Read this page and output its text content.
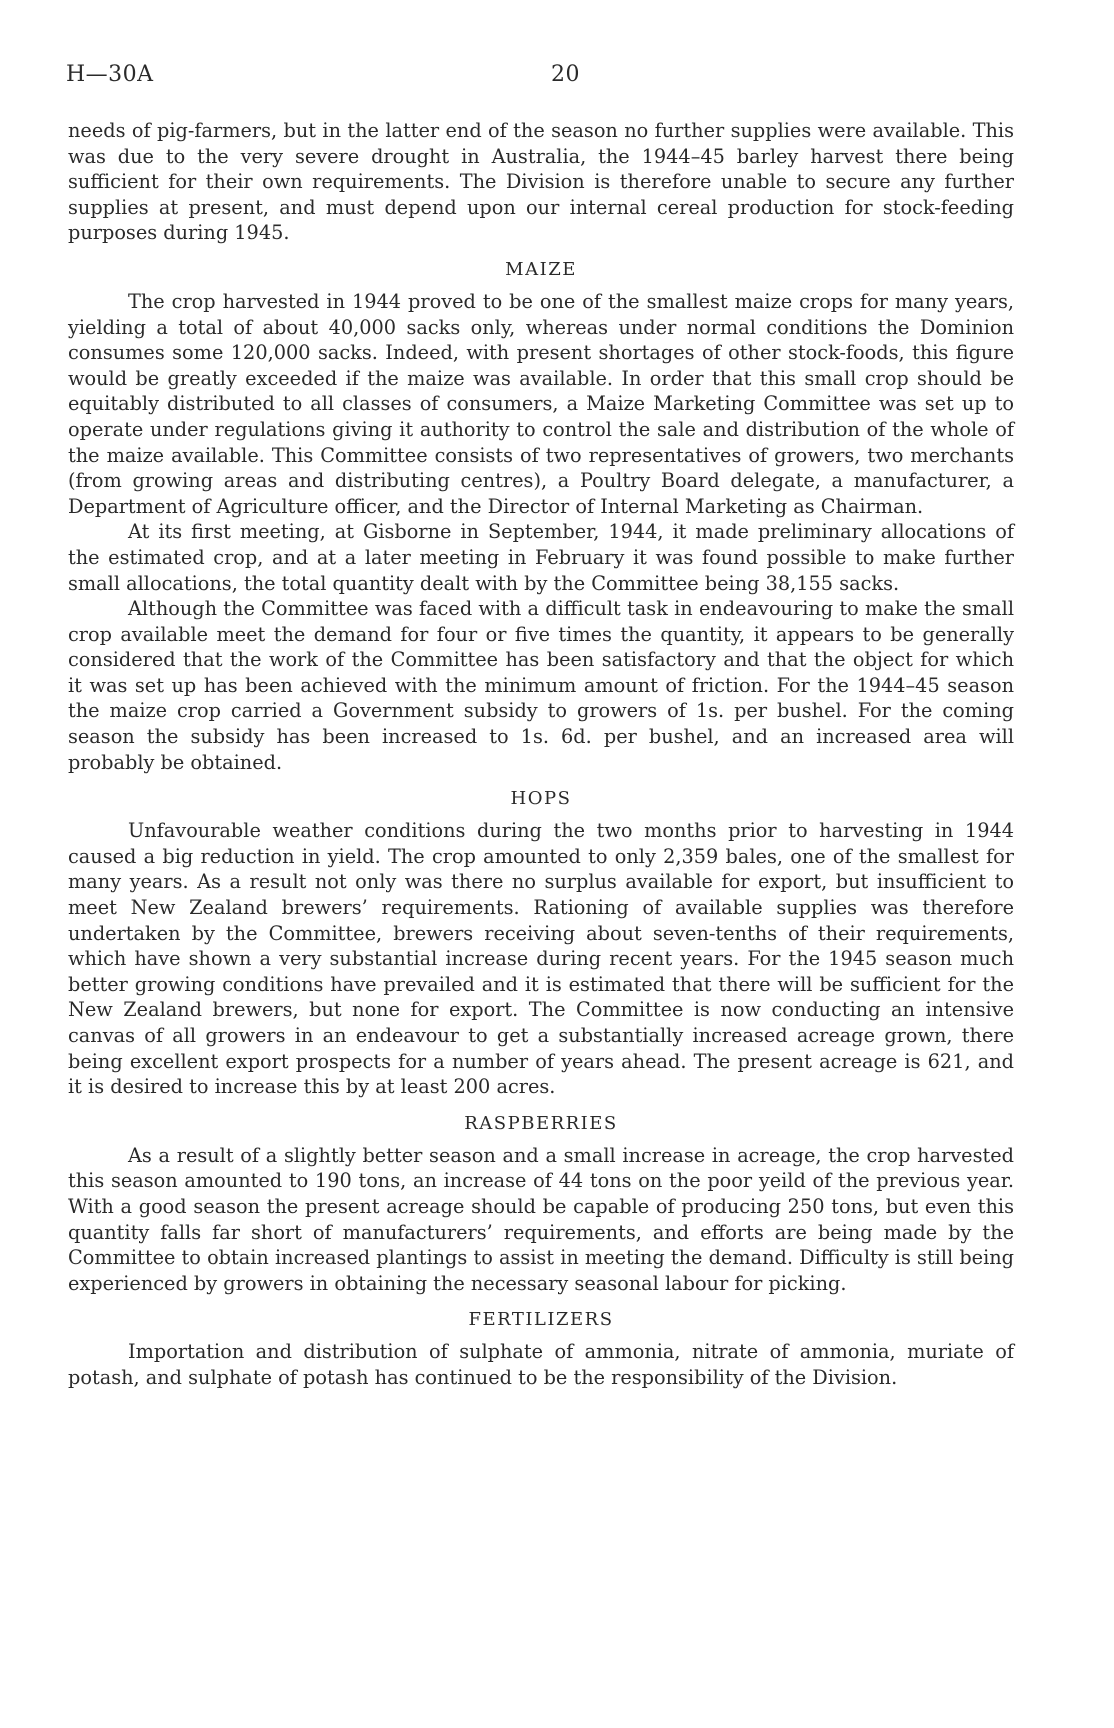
H—30A	20

needs of pig-farmers, but in the latter end of the season no further supplies were available. This was due to the very severe drought in Australia, the 1944–45 barley harvest there being sufficient for their own requirements. The Division is therefore unable to secure any further supplies at present, and must depend upon our internal cereal production for stock-feeding purposes during 1945.

MAIZE

The crop harvested in 1944 proved to be one of the smallest maize crops for many years, yielding a total of about 40,000 sacks only, whereas under normal conditions the Dominion consumes some 120,000 sacks. Indeed, with present shortages of other stock-foods, this figure would be greatly exceeded if the maize was available. In order that this small crop should be equitably distributed to all classes of consumers, a Maize Marketing Committee was set up to operate under regulations giving it authority to control the sale and distribution of the whole of the maize available. This Committee consists of two representatives of growers, two merchants (from growing areas and distributing centres), a Poultry Board delegate, a manufacturer, a Department of Agriculture officer, and the Director of Internal Marketing as Chairman.

At its first meeting, at Gisborne in September, 1944, it made preliminary allocations of the estimated crop, and at a later meeting in February it was found possible to make further small allocations, the total quantity dealt with by the Committee being 38,155 sacks.

Although the Committee was faced with a difficult task in endeavouring to make the small crop available meet the demand for four or five times the quantity, it appears to be generally considered that the work of the Committee has been satisfactory and that the object for which it was set up has been achieved with the minimum amount of friction. For the 1944–45 season the maize crop carried a Government subsidy to growers of 1s. per bushel. For the coming season the subsidy has been increased to 1s. 6d. per bushel, and an increased area will probably be obtained.

HOPS

Unfavourable weather conditions during the two months prior to harvesting in 1944 caused a big reduction in yield. The crop amounted to only 2,359 bales, one of the smallest for many years. As a result not only was there no surplus available for export, but insufficient to meet New Zealand brewers’ requirements. Rationing of available supplies was therefore undertaken by the Committee, brewers receiving about seven-tenths of their requirements, which have shown a very substantial increase during recent years. For the 1945 season much better growing conditions have prevailed and it is estimated that there will be sufficient for the New Zealand brewers, but none for export. The Committee is now conducting an intensive canvas of all growers in an endeavour to get a substantially increased acreage grown, there being excellent export prospects for a number of years ahead. The present acreage is 621, and it is desired to increase this by at least 200 acres.

RASPBERRIES

As a result of a slightly better season and a small increase in acreage, the crop harvested this season amounted to 190 tons, an increase of 44 tons on the poor yeild of the previous year. With a good season the present acreage should be capable of producing 250 tons, but even this quantity falls far short of manufacturers’ requirements, and efforts are being made by the Committee to obtain increased plantings to assist in meeting the demand. Difficulty is still being experienced by growers in obtaining the necessary seasonal labour for picking.

FERTILIZERS

Importation and distribution of sulphate of ammonia, nitrate of ammonia, muriate of potash, and sulphate of potash has continued to be the responsibility of the Division.
